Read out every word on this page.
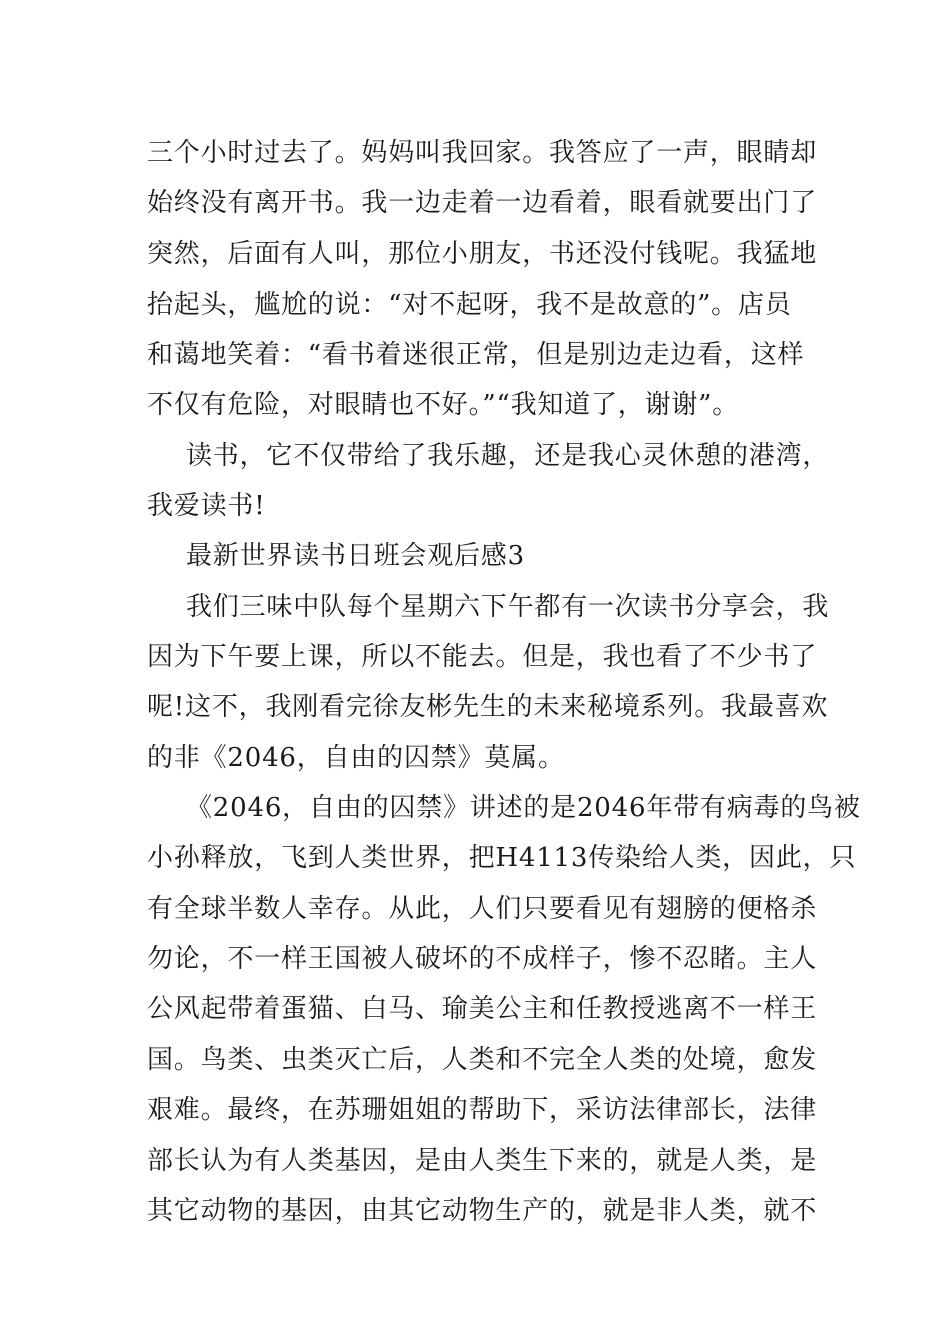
三个小时过去了。妈妈叫我回家。我答应了一声，眼睛却
始终没有离开书。我一边走着一边看着，眼看就要出门了
突然，后面有人叫，那位小朋友，书还没付钱呢。我猛地
抬起头，尴尬的说：“对不起呀，我不是故意的”。店员
和蔼地笑着：“看书着迷很正常，但是别边走边看，这样
不仅有危险，对眼睛也不好。”“我知道了，谢谢”。
读书，它不仅带给了我乐趣，还是我心灵休憩的港湾，
我爱读书!
最新世界读书日班会观后感3
我们三味中队每个星期六下午都有一次读书分享会，我
因为下午要上课，所以不能去。但是，我也看了不少书了
呢!这不，我刚看完徐友彬先生的未来秘境系列。我最喜欢
的非《2046，自由的囚禁》莫属。
《2046，自由的囚禁》讲述的是2046年带有病毒的鸟被
小孙释放，飞到人类世界，把H4113传染给人类，因此，只
有全球半数人幸存。从此，人们只要看见有翅膀的便格杀
勿论，不一样王国被人破坏的不成样子，惨不忍睹。主人
公风起带着蛋猫、白马、瑜美公主和任教授逃离不一样王
国。鸟类、虫类灭亡后，人类和不完全人类的处境，愈发
艰难。最终，在苏珊姐姐的帮助下，采访法律部长，法律
部长认为有人类基因，是由人类生下来的，就是人类，是
其它动物的基因，由其它动物生产的，就是非人类，就不
